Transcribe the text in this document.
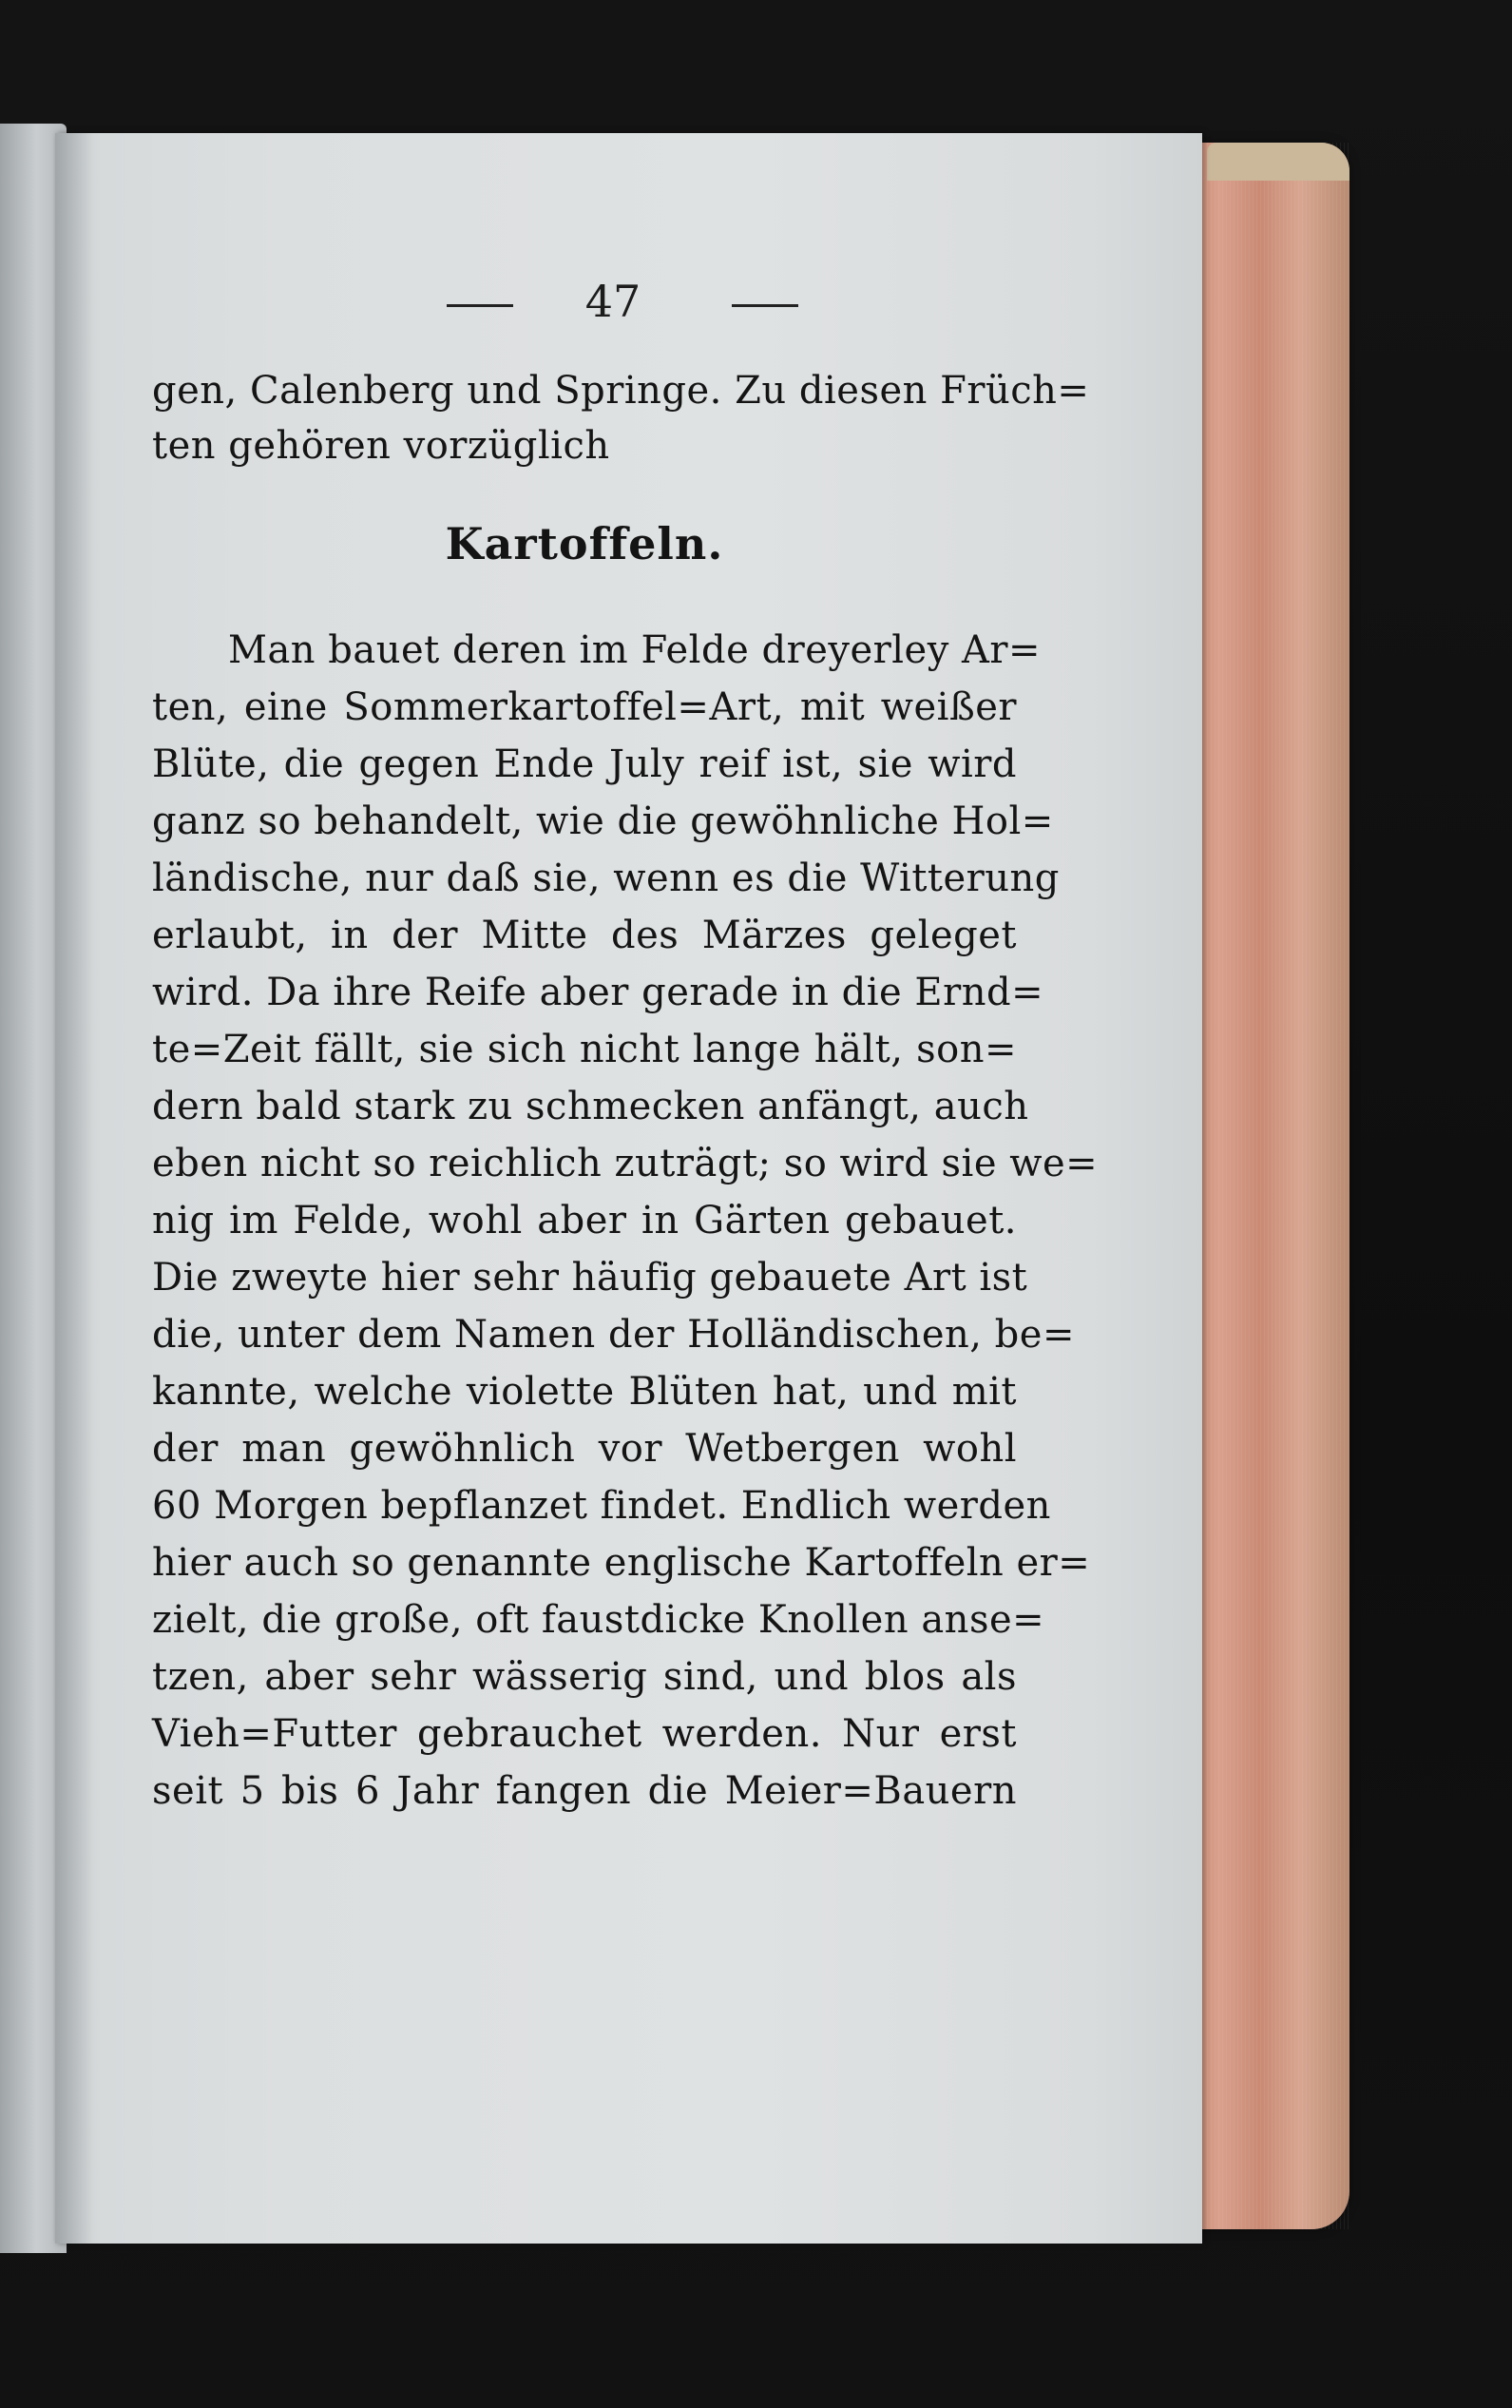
47
gen, Calenberg und Springe. Zu diesen Früch=
ten gehören vorzüglich
Kartoffeln.
Man bauet deren im Felde dreyerley Ar=
ten, eine Sommerkartoffel=Art, mit weißer
Blüte, die gegen Ende July reif ist, sie wird
ganz so behandelt, wie die gewöhnliche Hol=
ländische, nur daß sie, wenn es die Witterung
erlaubt, in der Mitte des Märzes geleget
wird. Da ihre Reife aber gerade in die Ernd=
te=Zeit fällt, sie sich nicht lange hält, son=
dern bald stark zu schmecken anfängt, auch
eben nicht so reichlich zuträgt; so wird sie we=
nig im Felde, wohl aber in Gärten gebauet.
Die zweyte hier sehr häufig gebauete Art ist
die, unter dem Namen der Holländischen, be=
kannte, welche violette Blüten hat, und mit
der man gewöhnlich vor Wetbergen wohl
60 Morgen bepflanzet findet. Endlich werden
hier auch so genannte englische Kartoffeln er=
zielt, die große, oft faustdicke Knollen anse=
tzen, aber sehr wässerig sind, und blos als
Vieh=Futter gebrauchet werden. Nur erst
seit 5 bis 6 Jahr fangen die Meier=Bauern
